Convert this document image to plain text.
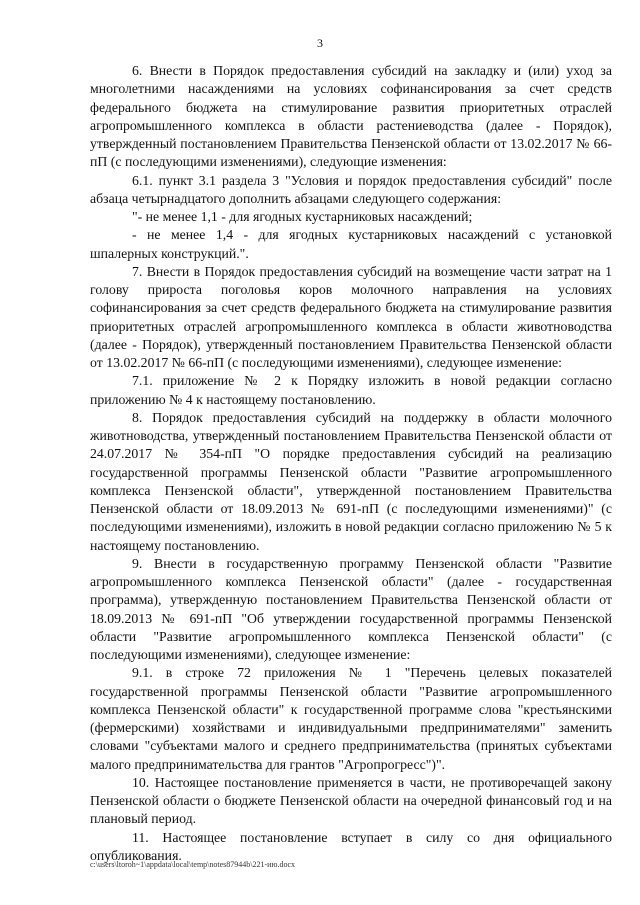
3

6. Внести в Порядок предоставления субсидий на закладку и (или) уход за многолетними насаждениями на условиях софинансирования за счет средств федерального бюджета на стимулирование развития приоритетных отраслей агропромышленного комплекса в области растениеводства (далее - Порядок), утвержденный постановлением Правительства Пензенской области от 13.02.2017 № 66-пП (с последующими изменениями), следующие изменения:

6.1. пункт 3.1 раздела 3 "Условия и порядок предоставления субсидий" после абзаца четырнадцатого дополнить абзацами следующего содержания:

"- не менее 1,1 - для ягодных кустарниковых насаждений;

- не менее 1,4 - для ягодных кустарниковых насаждений с установкой шпалерных конструкций.".

7. Внести в Порядок предоставления субсидий на возмещение части затрат на 1 голову прироста поголовья коров молочного направления на условиях софинансирования за счет средств федерального бюджета на стимулирование развития приоритетных отраслей агропромышленного комплекса в области животноводства (далее - Порядок), утвержденный постановлением Правительства Пензенской области от 13.02.2017 № 66-пП (с последующими изменениями), следующее изменение:

7.1. приложение № 2 к Порядку изложить в новой редакции согласно приложению № 4 к настоящему постановлению.

8. Порядок предоставления субсидий на поддержку в области молочного животноводства, утвержденный постановлением Правительства Пензенской области от 24.07.2017 № 354-пП "О порядке предоставления субсидий на реализацию государственной программы Пензенской области "Развитие агропромышленного комплекса Пензенской области", утвержденной постановлением Правительства Пензенской области от 18.09.2013 № 691-пП (с последующими изменениями)" (с последующими изменениями), изложить в новой редакции согласно приложению № 5 к настоящему постановлению.

9. Внести в государственную программу Пензенской области "Развитие агропромышленного комплекса Пензенской области" (далее - государственная программа), утвержденную постановлением Правительства Пензенской области от 18.09.2013 № 691-пП "Об утверждении государственной программы Пензенской области "Развитие агропромышленного комплекса Пензенской области" (с последующими изменениями), следующее изменение:

9.1. в строке 72 приложения № 1 "Перечень целевых показателей государственной программы Пензенской области "Развитие агропромышленного комплекса Пензенской области" к государственной программе слова "крестьянскими (фермерскими) хозяйствами и индивидуальными предпринимателями" заменить словами "субъектами малого и среднего предпринимательства (принятых субъектами малого предпринимательства для грантов "Агропрогресс")".

10. Настоящее постановление применяется в части, не противоречащей закону Пензенской области о бюджете Пензенской области на очередной финансовый год и на плановый период.

11. Настоящее постановление вступает в силу со дня официального опубликования.

c:\users\ltoroh~1\appdata\local\temp\notes87944b\221-ию.docx
